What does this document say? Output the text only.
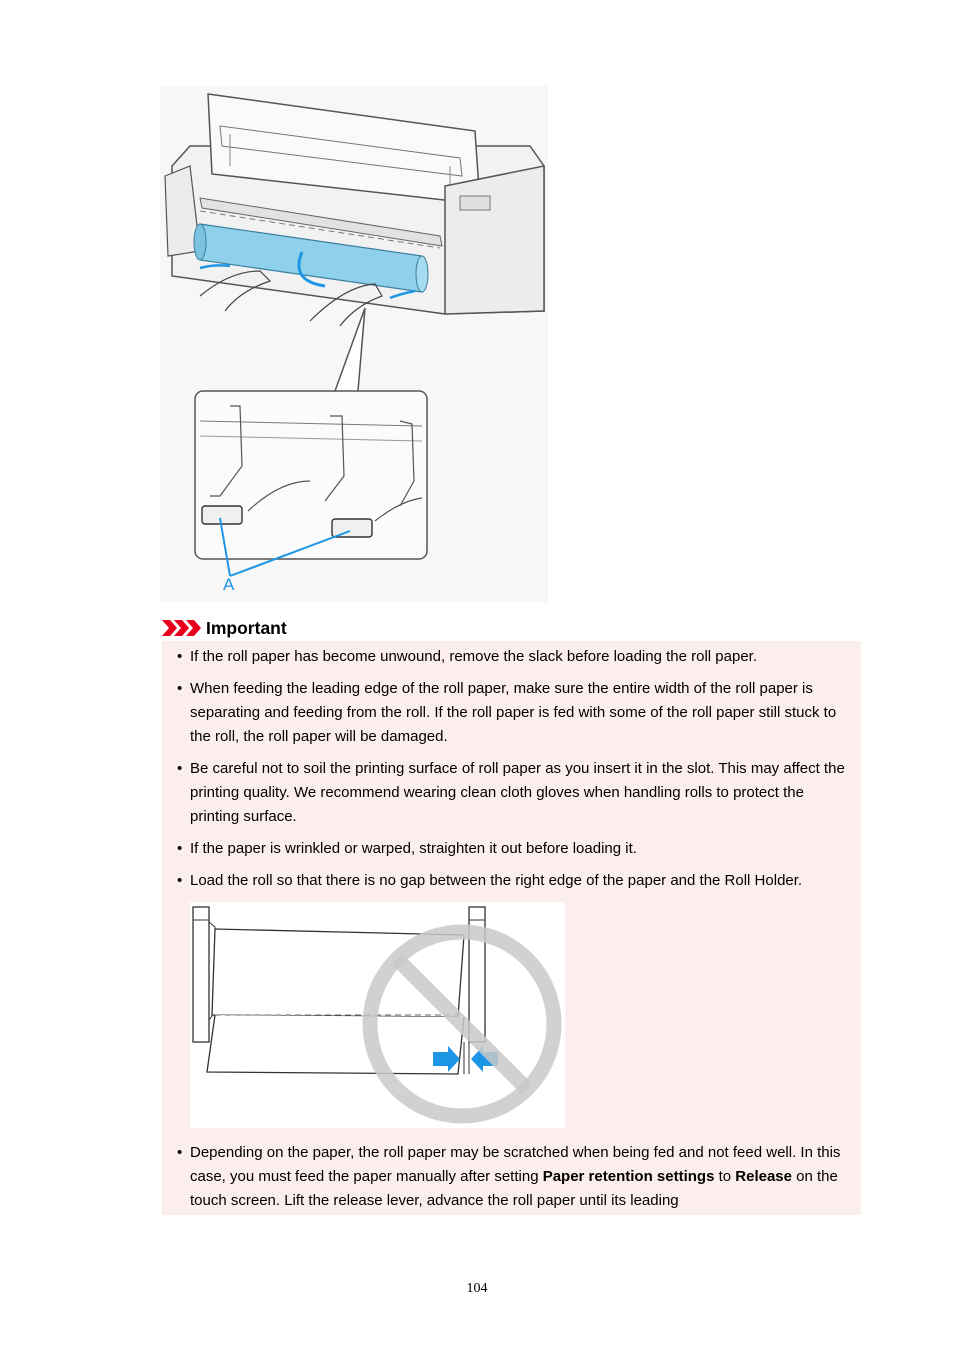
A
Important
• If the roll paper has become unwound, remove the slack before loading the roll paper.
• When feeding the leading edge of the roll paper, make sure the entire width of the roll paper is separating and feeding from the roll. If the roll paper is fed with some of the roll paper still stuck to the roll, the roll paper will be damaged.
• Be careful not to soil the printing surface of roll paper as you insert it in the slot. This may affect the printing quality. We recommend wearing clean cloth gloves when handling rolls to protect the printing surface.
• If the paper is wrinkled or warped, straighten it out before loading it.
• Load the roll so that there is no gap between the right edge of the paper and the Roll Holder.
• Depending on the paper, the roll paper may be scratched when being fed and not feed well. In this case, you must feed the paper manually after setting Paper retention settings to Release on the touch screen. Lift the release lever, advance the roll paper until its leading
104
